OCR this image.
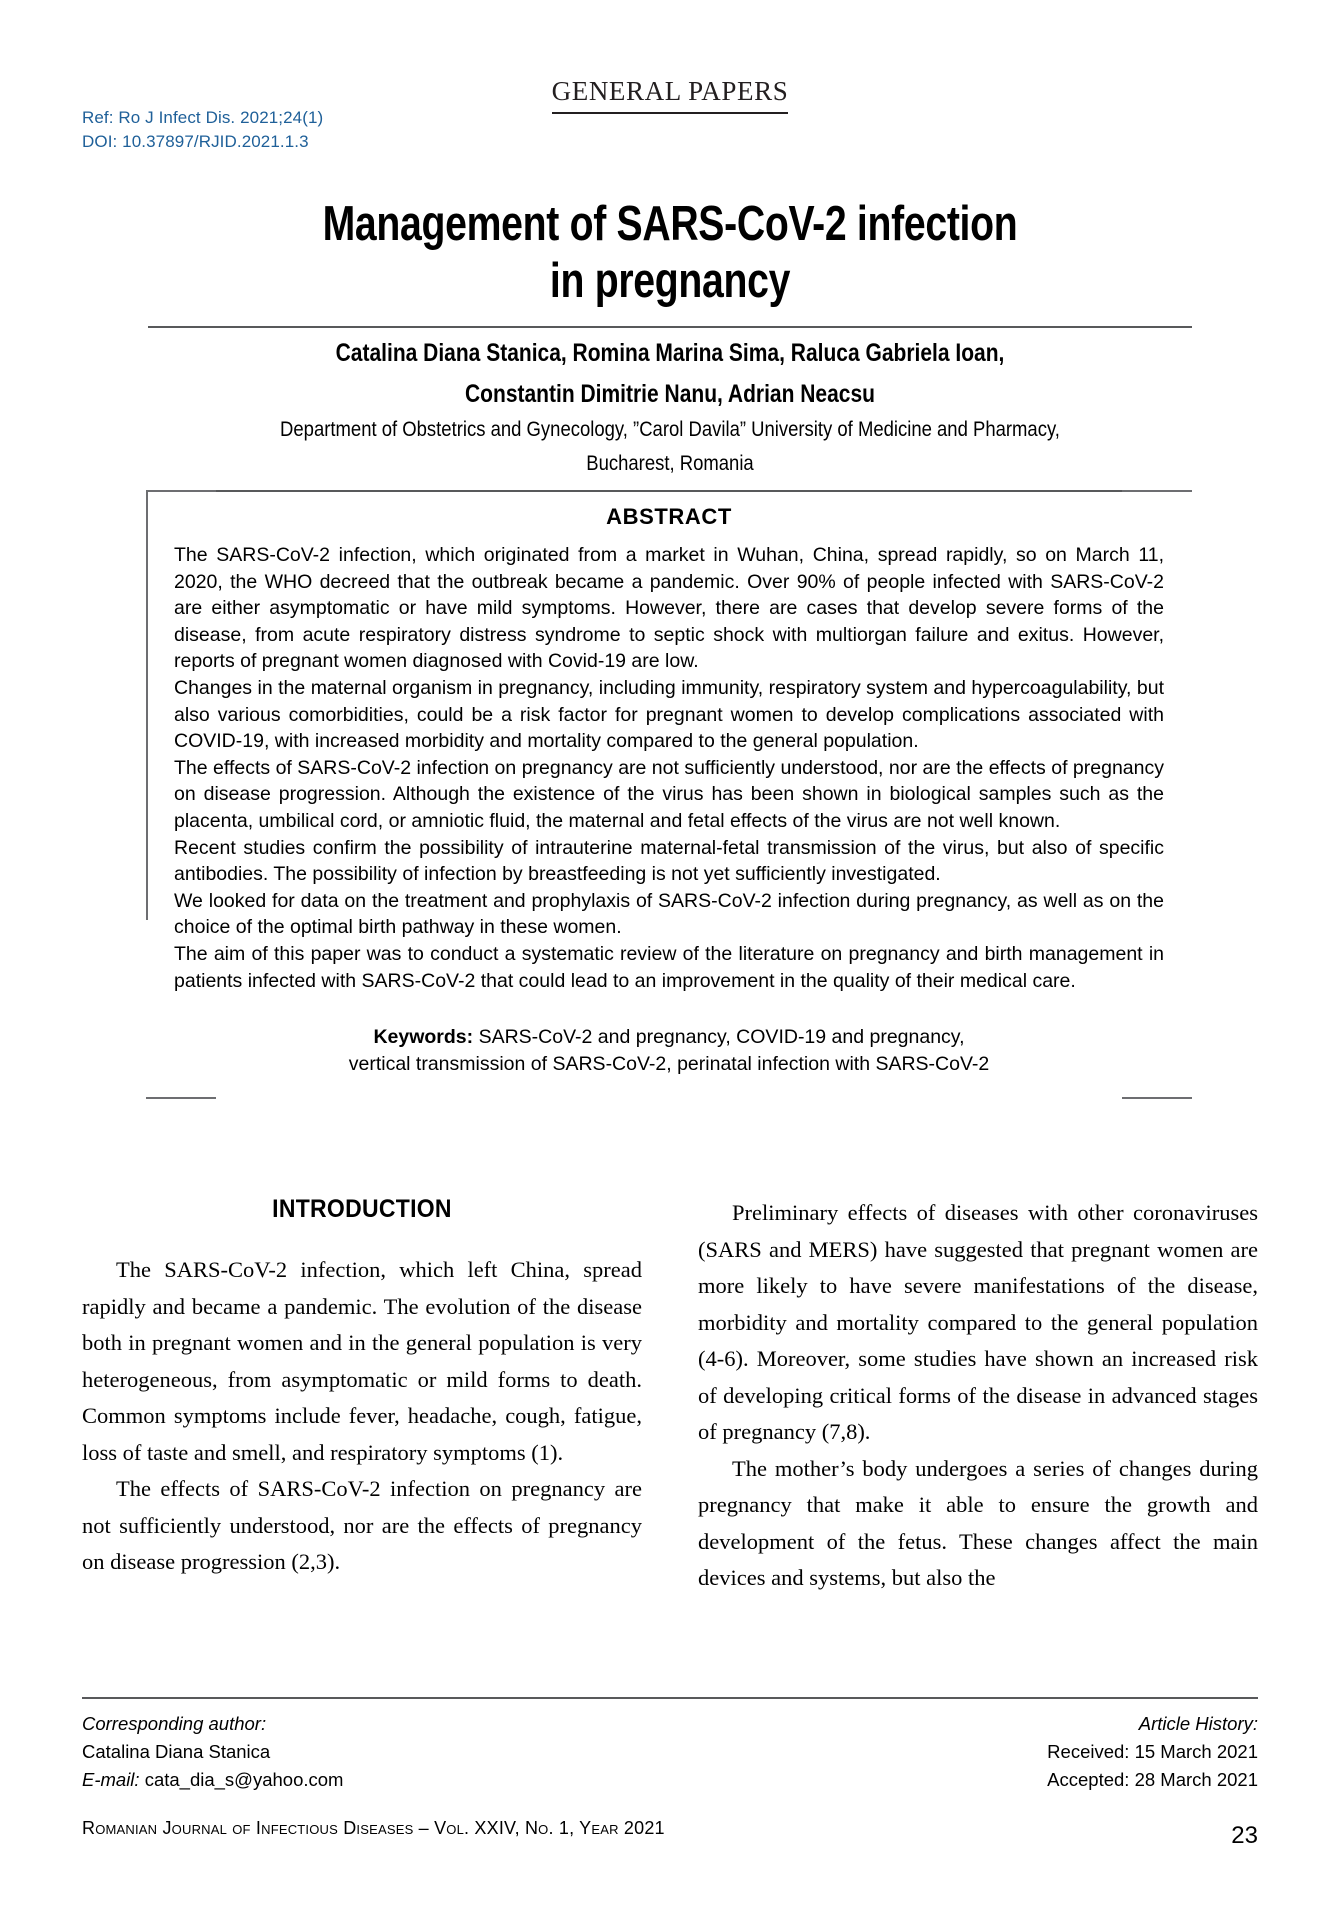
GENERAL PAPERS
Ref: Ro J Infect Dis. 2021;24(1)
DOI: 10.37897/RJID.2021.1.3
Management of SARS-CoV-2 infection
in pregnancy
Catalina Diana Stanica, Romina Marina Sima, Raluca Gabriela Ioan,
Constantin Dimitrie Nanu, Adrian Neacsu
Department of Obstetrics and Gynecology, ”Carol Davila” University of Medicine and Pharmacy,
Bucharest, Romania
ABSTRACT

The SARS-CoV-2 infection, which originated from a market in Wuhan, China, spread rapidly, so on March 11, 2020, the WHO decreed that the outbreak became a pandemic. Over 90% of people infected with SARS-CoV-2 are either asymptomatic or have mild symptoms. However, there are cases that develop severe forms of the disease, from acute respiratory distress syndrome to septic shock with multiorgan failure and exitus. However, reports of pregnant women diagnosed with Covid-19 are low.

Changes in the maternal organism in pregnancy, including immunity, respiratory system and hypercoagulability, but also various comorbidities, could be a risk factor for pregnant women to develop complications associated with COVID-19, with increased morbidity and mortality compared to the general population.

The effects of SARS-CoV-2 infection on pregnancy are not sufficiently understood, nor are the effects of pregnancy on disease progression. Although the existence of the virus has been shown in biological samples such as the placenta, umbilical cord, or amniotic fluid, the maternal and fetal effects of the virus are not well known.

Recent studies confirm the possibility of intrauterine maternal-fetal transmission of the virus, but also of specific antibodies. The possibility of infection by breastfeeding is not yet sufficiently investigated.

We looked for data on the treatment and prophylaxis of SARS-CoV-2 infection during pregnancy, as well as on the choice of the optimal birth pathway in these women.

The aim of this paper was to conduct a systematic review of the literature on pregnancy and birth management in patients infected with SARS-CoV-2 that could lead to an improvement in the quality of their medical care.

Keywords: SARS-CoV-2 and pregnancy, COVID-19 and pregnancy,
vertical transmission of SARS-CoV-2, perinatal infection with SARS-CoV-2
INTRODUCTION

The SARS-CoV-2 infection, which left China, spread rapidly and became a pandemic. The evolution of the disease both in pregnant women and in the general population is very heterogeneous, from asymptomatic or mild forms to death. Common symptoms include fever, headache, cough, fatigue, loss of taste and smell, and respiratory symptoms (1).

The effects of SARS-CoV-2 infection on pregnancy are not sufficiently understood, nor are the effects of pregnancy on disease progression (2,3).

Preliminary effects of diseases with other coronaviruses (SARS and MERS) have suggested that pregnant women are more likely to have severe manifestations of the disease, morbidity and mortality compared to the general population (4-6). Moreover, some studies have shown an increased risk of developing critical forms of the disease in advanced stages of pregnancy (7,8).

The mother’s body undergoes a series of changes during pregnancy that make it able to ensure the growth and development of the fetus. These changes affect the main devices and systems, but also the

Corresponding author:
Catalina Diana Stanica
E-mail: cata_dia_s@yahoo.com
Article History:
Received: 15 March 2021
Accepted: 28 March 2021
Romanian Journal of Infectious Diseases – Vol. XXIV, No. 1, Year 2021	23
